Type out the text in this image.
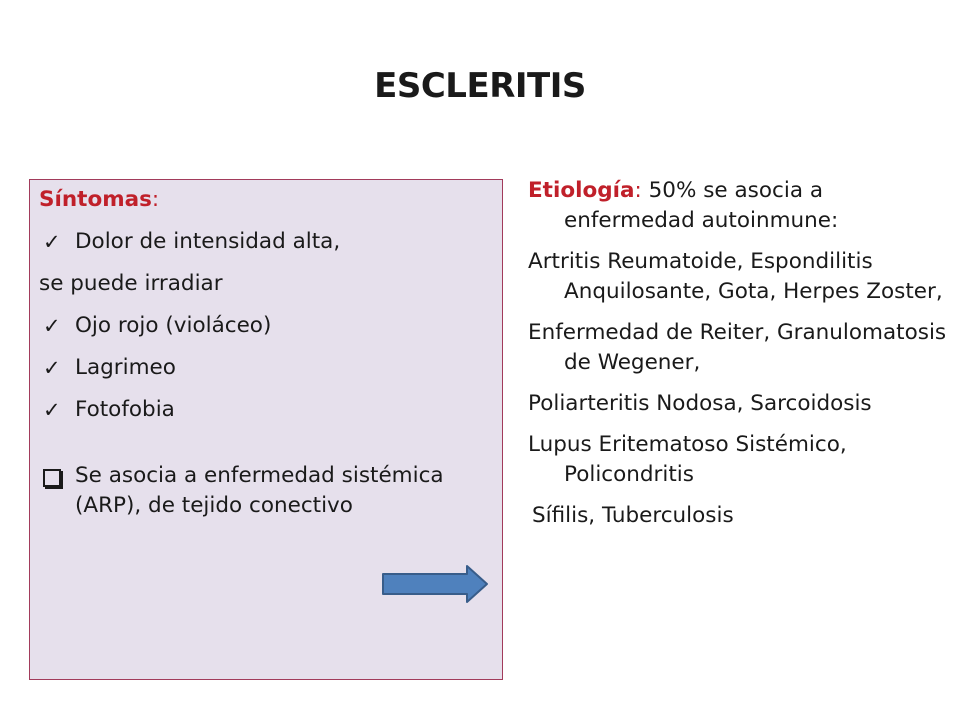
ESCLERITIS
Síntomas:
✓ Dolor de intensidad alta,
se puede irradiar
✓ Ojo rojo (violáceo)
✓ Lagrimeo
✓ Fotofobia
Se asocia a enfermedad sistémica (ARP), de tejido conectivo
Etiología: 50% se asocia a enfermedad autoinmune:
Artritis Reumatoide, Espondilitis Anquilosante, Gota, Herpes Zoster,
Enfermedad de Reiter, Granulomatosis de Wegener,
Poliarteritis Nodosa, Sarcoidosis
Lupus Eritematoso Sistémico, Policondritis
Sífilis, Tuberculosis
